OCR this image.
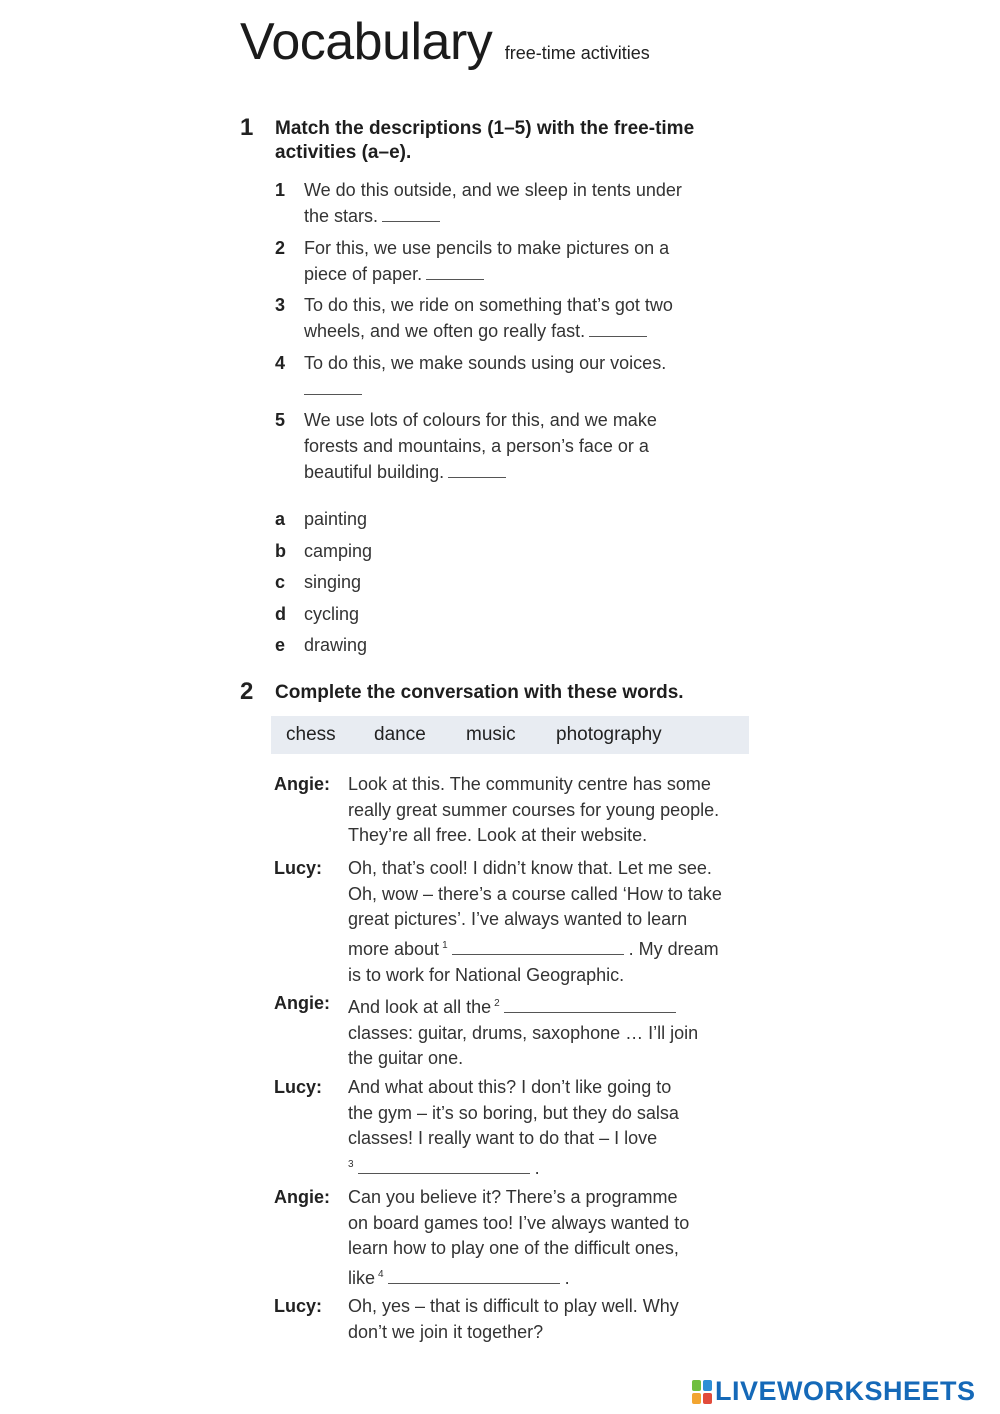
Vocabulary free-time activities
1 Match the descriptions (1–5) with the free-time
activities (a–e).
1 We do this outside, and we sleep in tents under
the stars.
2 For this, we use pencils to make pictures on a
piece of paper.
3 To do this, we ride on something that’s got two
wheels, and we often go really fast.
4 To do this, we make sounds using our voices.

5 We use lots of colours for this, and we make
forests and mountains, a person’s face or a
beautiful building.
a painting
b camping
c singing
d cycling
e drawing
2 Complete the conversation with these words.
chess dance music photography
Angie: Look at this. The community centre has some
really great summer courses for young people.
They’re all free. Look at their website.
Lucy: Oh, that’s cool! I didn’t know that. Let me see.
Oh, wow – there’s a course called ‘How to take
great pictures’. I’ve always wanted to learn
more about $^1$	. My dream
is to work for National Geographic.
Angie: And look at all the $^2$
classes: guitar, drums, saxophone … I’ll join
the guitar one.
Lucy: And what about this? I don’t like going to
the gym – it’s so boring, but they do salsa
classes! I really want to do that – I love
$^3$	.
Angie: Can you believe it? There’s a programme
on board games too! I’ve always wanted to
learn how to play one of the difficult ones,
like $^4$	.
Lucy: Oh, yes – that is difficult to play well. Why
don’t we join it together?
LIVEWORKSHEETS
